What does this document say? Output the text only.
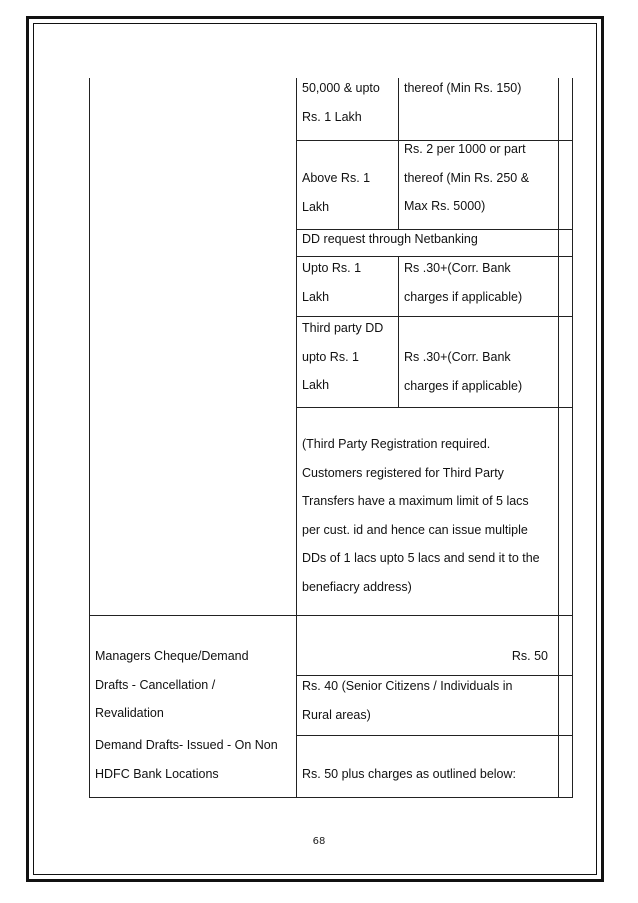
50,000 & upto
Rs. 1 Lakh
thereof (Min Rs. 150)
Above Rs. 1
Lakh
Rs. 2 per 1000 or part
thereof (Min Rs. 250 &
Max Rs. 5000)
DD request through Netbanking
Upto Rs. 1
Lakh
Rs .30+(Corr. Bank
charges if applicable)
Third party DD
upto Rs. 1
Lakh
Rs .30+(Corr. Bank
charges if applicable)
(Third Party Registration required.
Customers registered for Third Party
Transfers have a maximum limit of 5 lacs
per cust. id and hence can issue multiple
DDs of 1 lacs upto 5 lacs and send it to the
benefiacry address)
Managers Cheque/Demand
Drafts - Cancellation /
Revalidation
Rs. 50
Rs. 40 (Senior Citizens / Individuals in
Rural areas)
Demand Drafts- Issued - On Non
HDFC Bank Locations	Rs. 50 plus charges as outlined below:
68
